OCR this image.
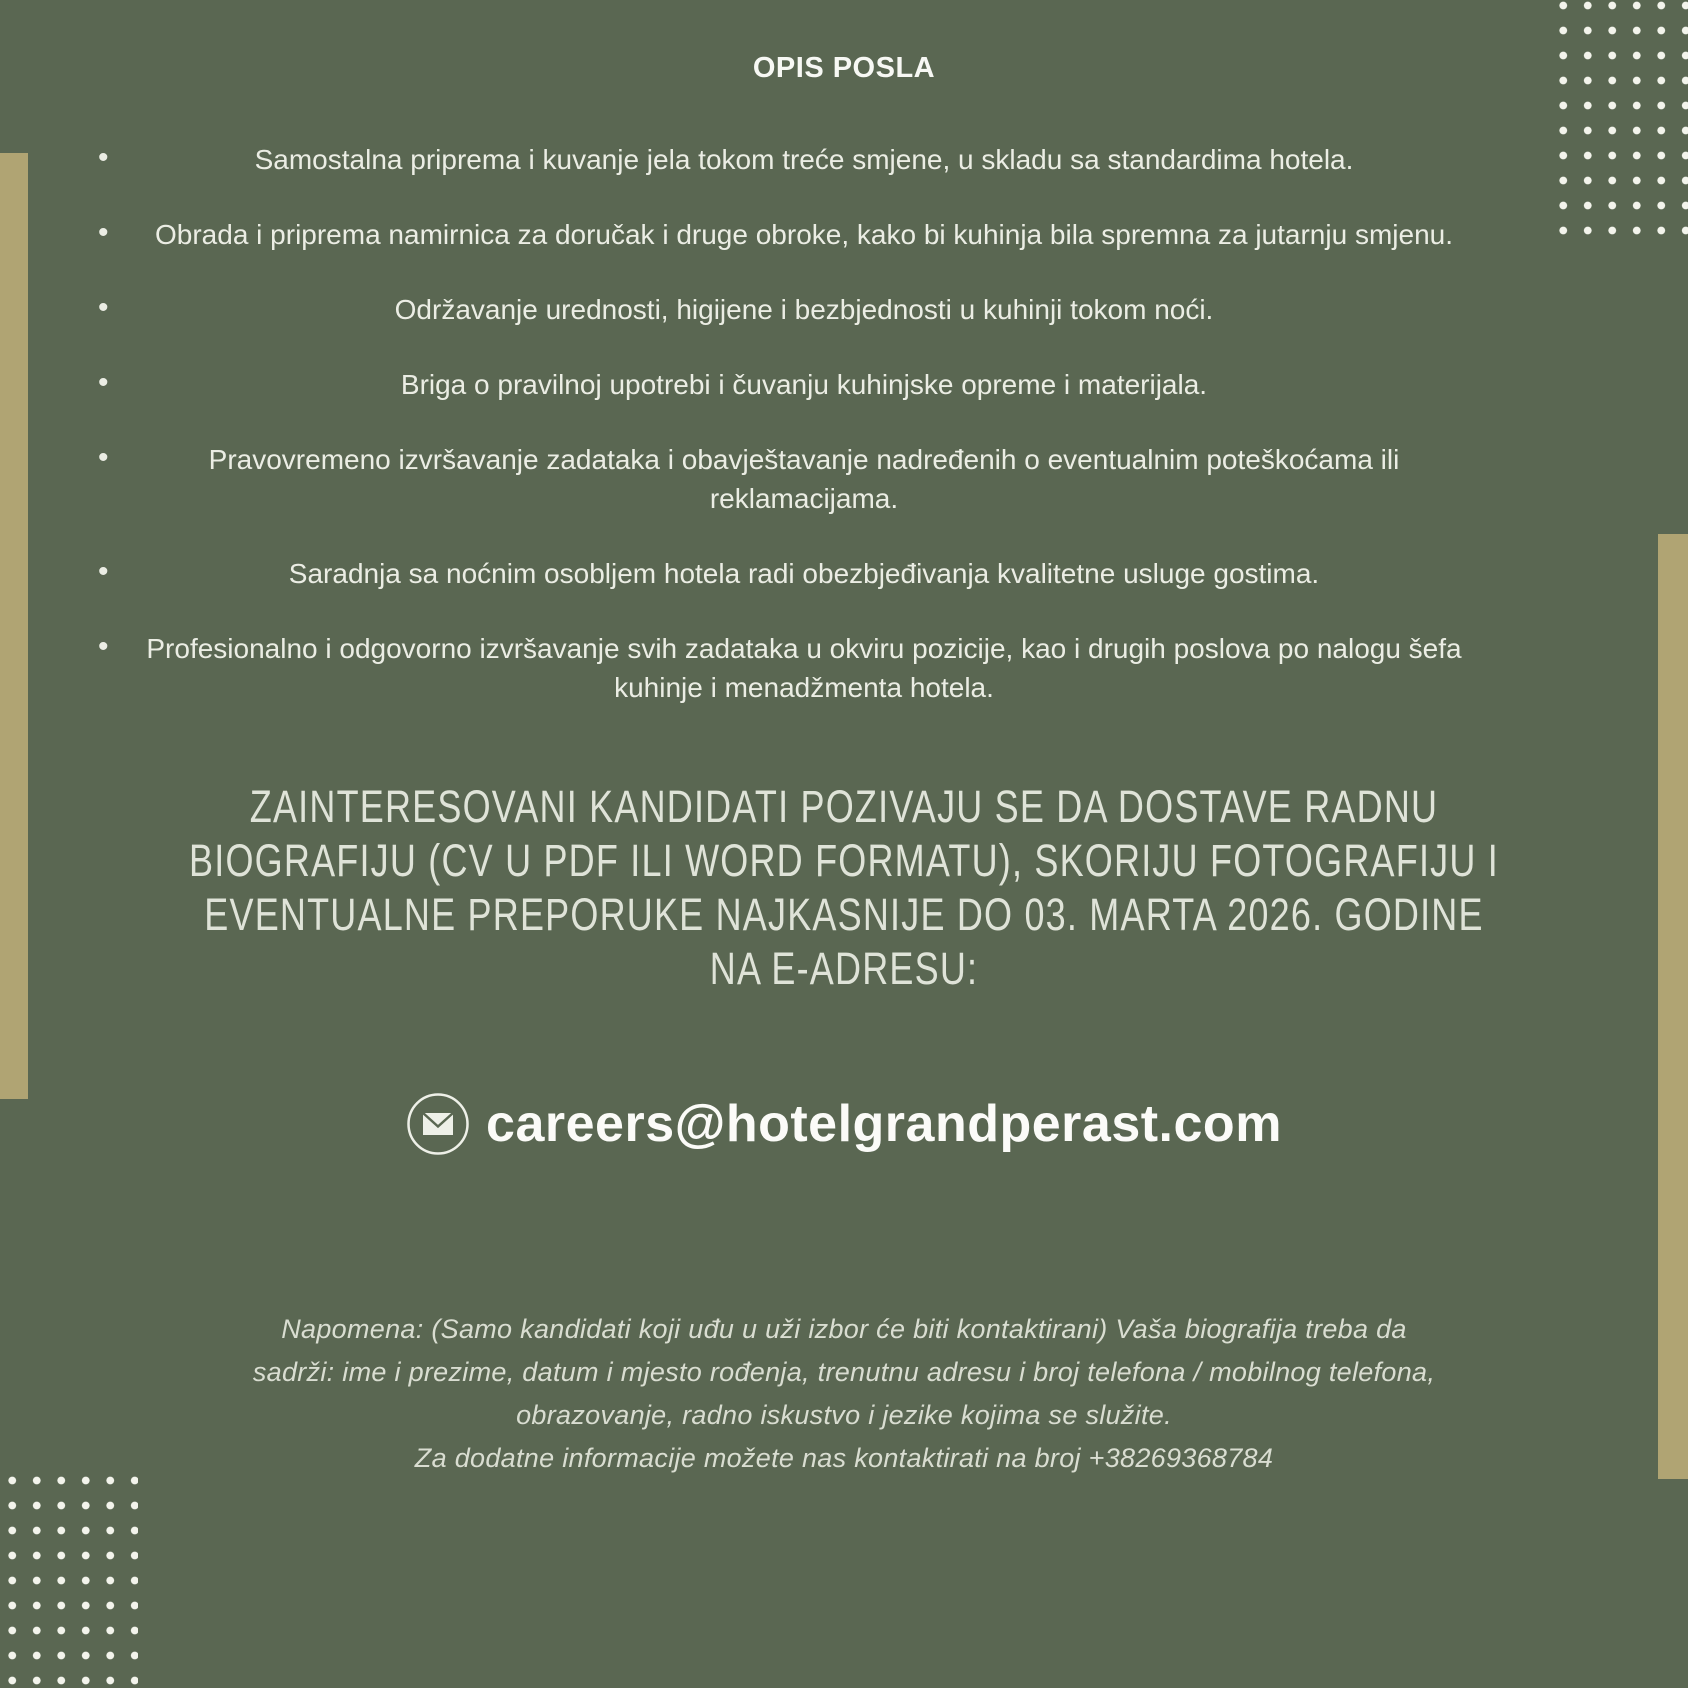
OPIS POSLA
•	Samostalna priprema i kuvanje jela tokom treće smjene, u skladu sa standardima hotela.
• Obrada i priprema namirnica za doručak i druge obroke, kako bi kuhinja bila spremna za jutarnju smjenu.
•	Održavanje urednosti, higijene i bezbjednosti u kuhinji tokom noći.
•	Briga o pravilnoj upotrebi i čuvanju kuhinjske opreme i materijala.
•	Pravovremeno izvršavanje zadataka i obavještavanje nadređenih o eventualnim poteškoćama ili reklamacijama.
•	Saradnja sa noćnim osobljem hotela radi obezbjeđivanja kvalitetne usluge gostima.
• Profesionalno i odgovorno izvršavanje svih zadataka u okviru pozicije, kao i drugih poslova po nalogu šefa kuhinje i menadžmenta hotela.
ZAINTERESOVANI KANDIDATI POZIVAJU SE DA DOSTAVE RADNU
BIOGRAFIJU (CV U PDF ILI WORD FORMATU), SKORIJU FOTOGRAFIJU I
EVENTUALNE PREPORUKE NAJKASNIJE DO 03. MARTA 2026. GODINE
NA E-ADRESU:
careers@hotelgrandperast.com
Napomena: (Samo kandidati koji uđu u uži izbor će biti kontaktirani) Vaša biografija treba da
sadrži: ime i prezime, datum i mjesto rođenja, trenutnu adresu i broj telefona / mobilnog telefona,
obrazovanje, radno iskustvo i jezike kojima se služite.
Za dodatne informacije možete nas kontaktirati na broj +38269368784
